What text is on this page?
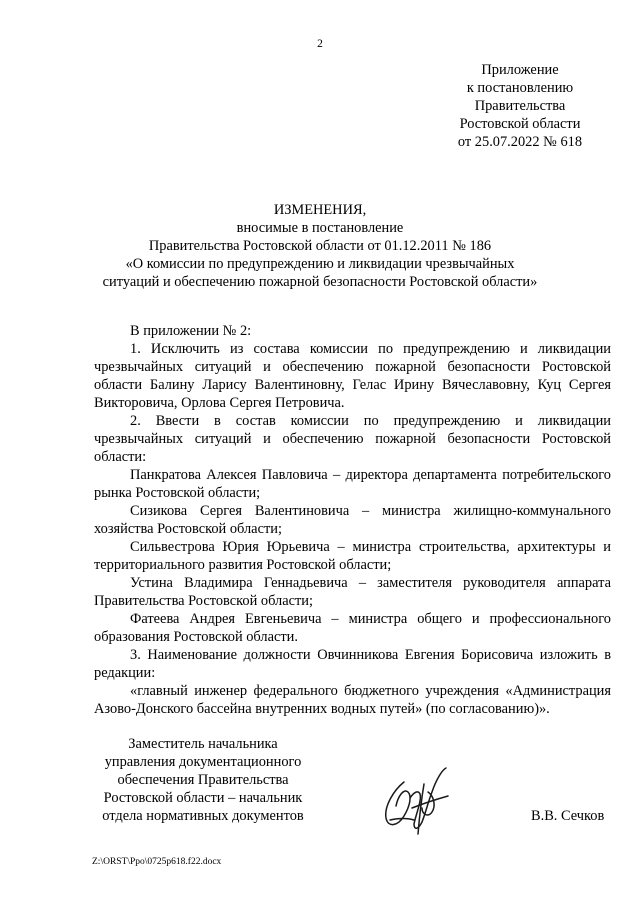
2
Приложение
к постановлению
Правительства
Ростовской области
от 25.07.2022 № 618
ИЗМЕНЕНИЯ,
вносимые в постановление
Правительства Ростовской области от 01.12.2011 № 186
«О комиссии по предупреждению и ликвидации чрезвычайных
ситуаций и обеспечению пожарной безопасности Ростовской области»

В приложении № 2:

1. Исключить из состава комиссии по предупреждению и ликвидации чрезвычайных ситуаций и обеспечению пожарной безопасности Ростовской области Балину Ларису Валентиновну, Гелас Ирину Вячеславовну, Куц Сергея Викторовича, Орлова Сергея Петровича.

2. Ввести в состав комиссии по предупреждению и ликвидации чрезвычайных ситуаций и обеспечению пожарной безопасности Ростовской области:

Панкратова Алексея Павловича – директора департамента потребительского рынка Ростовской области;

Сизикова Сергея Валентиновича – министра жилищно-коммунального хозяйства Ростовской области;

Сильвестрова Юрия Юрьевича – министра строительства, архитектуры и территориального развития Ростовской области;

Устина Владимира Геннадьевича – заместителя руководителя аппарата Правительства Ростовской области;

Фатеева Андрея Евгеньевича – министра общего и профессионального образования Ростовской области.

3. Наименование должности Овчинникова Евгения Борисовича изложить в редакции:

«главный инженер федерального бюджетного учреждения «Администрация Азово-Донского бассейна внутренних водных путей» (по согласованию)».

Заместитель начальника
управления документационного
обеспечения Правительства
Ростовской области – начальник
отдела нормативных документов	В.В. Сечков
Z:\ORST\Ppo\0725p618.f22.docx
